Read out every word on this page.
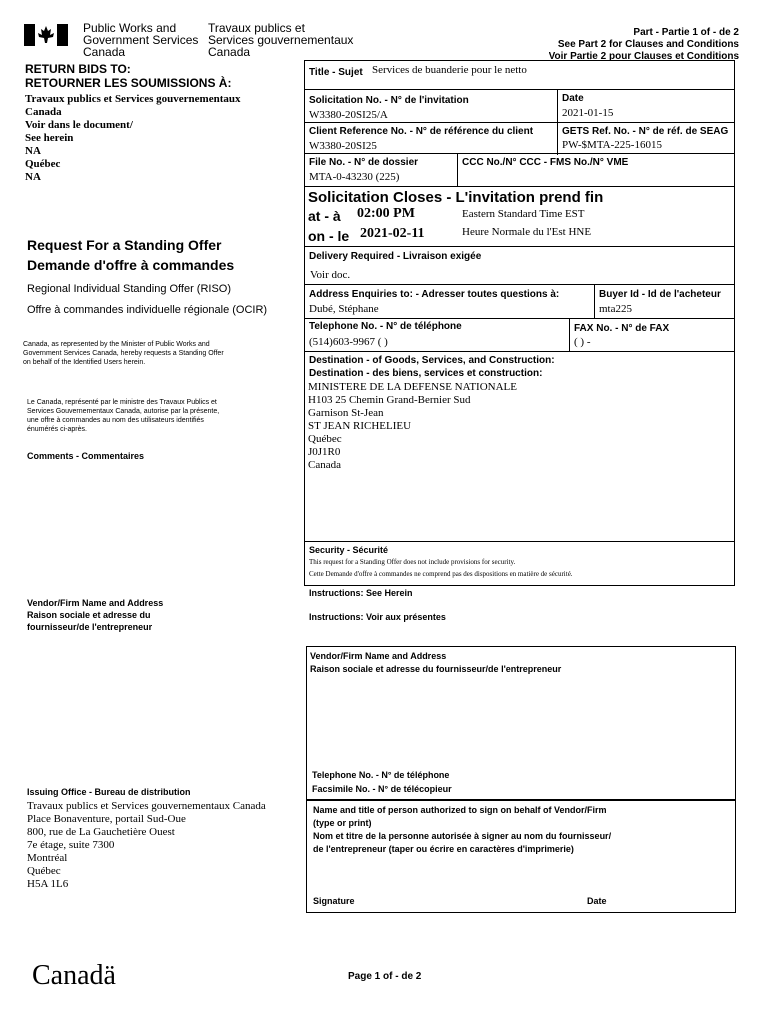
Public Works and
Government Services
Canada
Travaux publics et
Services gouvernementaux
Canada
Part - Partie 1 of - de 2
See Part 2 for Clauses and Conditions
Voir Partie 2 pour Clauses et Conditions
RETURN BIDS TO:
RETOURNER LES SOUMISSIONS À:
Travaux publics et Services gouvernementaux
Canada
Voir dans le document/
See herein
NA
Québec
NA
Request For a Standing Offer
Demande d'offre à commandes
Regional Individual Standing Offer (RISO)
Offre à commandes individuelle régionale (OCIR)
Canada, as represented by the Minister of Public Works and
Government Services Canada, hereby requests a Standing Offer
on behalf of the Identified Users herein.
Le Canada, représenté par le ministre des Travaux Publics et
Services Gouvernementaux Canada, autorise par la présente,
une offre à commandes au nom des utilisateurs identifiés
énumérés ci-après.
Comments - Commentaires
Vendor/Firm Name and Address
Raison sociale et adresse du
fournisseur/de l'entrepreneur
Issuing Office - Bureau de distribution
Travaux publics et Services gouvernementaux Canada
Place Bonaventure, portail Sud-Oue
800, rue de La Gauchetière Ouest
7e étage, suite 7300
Montréal
Québec
H5A 1L6
Title - Sujet Services de buanderie pour le netto
Solicitation No. - N° de l'invitation
W3380-20SI25/A
Date
2021-01-15
Client Reference No. - N° de référence du client
W3380-20SI25
GETS Ref. No. - N° de réf. de SEAG
PW-$MTA-225-16015
File No. - N° de dossier
MTA-0-43230 (225)
CCC No./N° CCC - FMS No./N° VME
Solicitation Closes - L'invitation prend fin
at - à 02:00 PM	Eastern Standard Time EST
on - le 2021-02-11	Heure Normale du l'Est HNE
Delivery Required - Livraison exigée
Voir doc.
Address Enquiries to: - Adresser toutes questions à:
Dubé, Stéphane
Buyer Id - Id de l'acheteur
mta225
Telephone No. - N° de téléphone
(514)603-9967 ( )
FAX No. - N° de FAX
( ) -
Destination - of Goods, Services, and Construction:
Destination - des biens, services et construction:
MINISTERE DE LA DEFENSE NATIONALE
H103 25 Chemin Grand-Bernier Sud
Garnison St-Jean
ST JEAN RICHELIEU
Québec
J0J1R0
Canada
Security - Sécurité
This request for a Standing Offer does not include provisions for security.
Cette Demande d'offre à commandes ne comprend pas des dispositions en matière de sécurité.
Instructions: See Herein
Instructions: Voir aux présentes
Vendor/Firm Name and Address
Raison sociale et adresse du fournisseur/de l'entrepreneur
Telephone No. - N° de téléphone
Facsimile No. - N° de télécopieur
Name and title of person authorized to sign on behalf of Vendor/Firm
(type or print)
Nom et titre de la personne autorisée à signer au nom du fournisseur/
de l'entrepreneur (taper ou écrire en caractères d'imprimerie)
Signature	Date
Canadä	Page 1 of - de 2
